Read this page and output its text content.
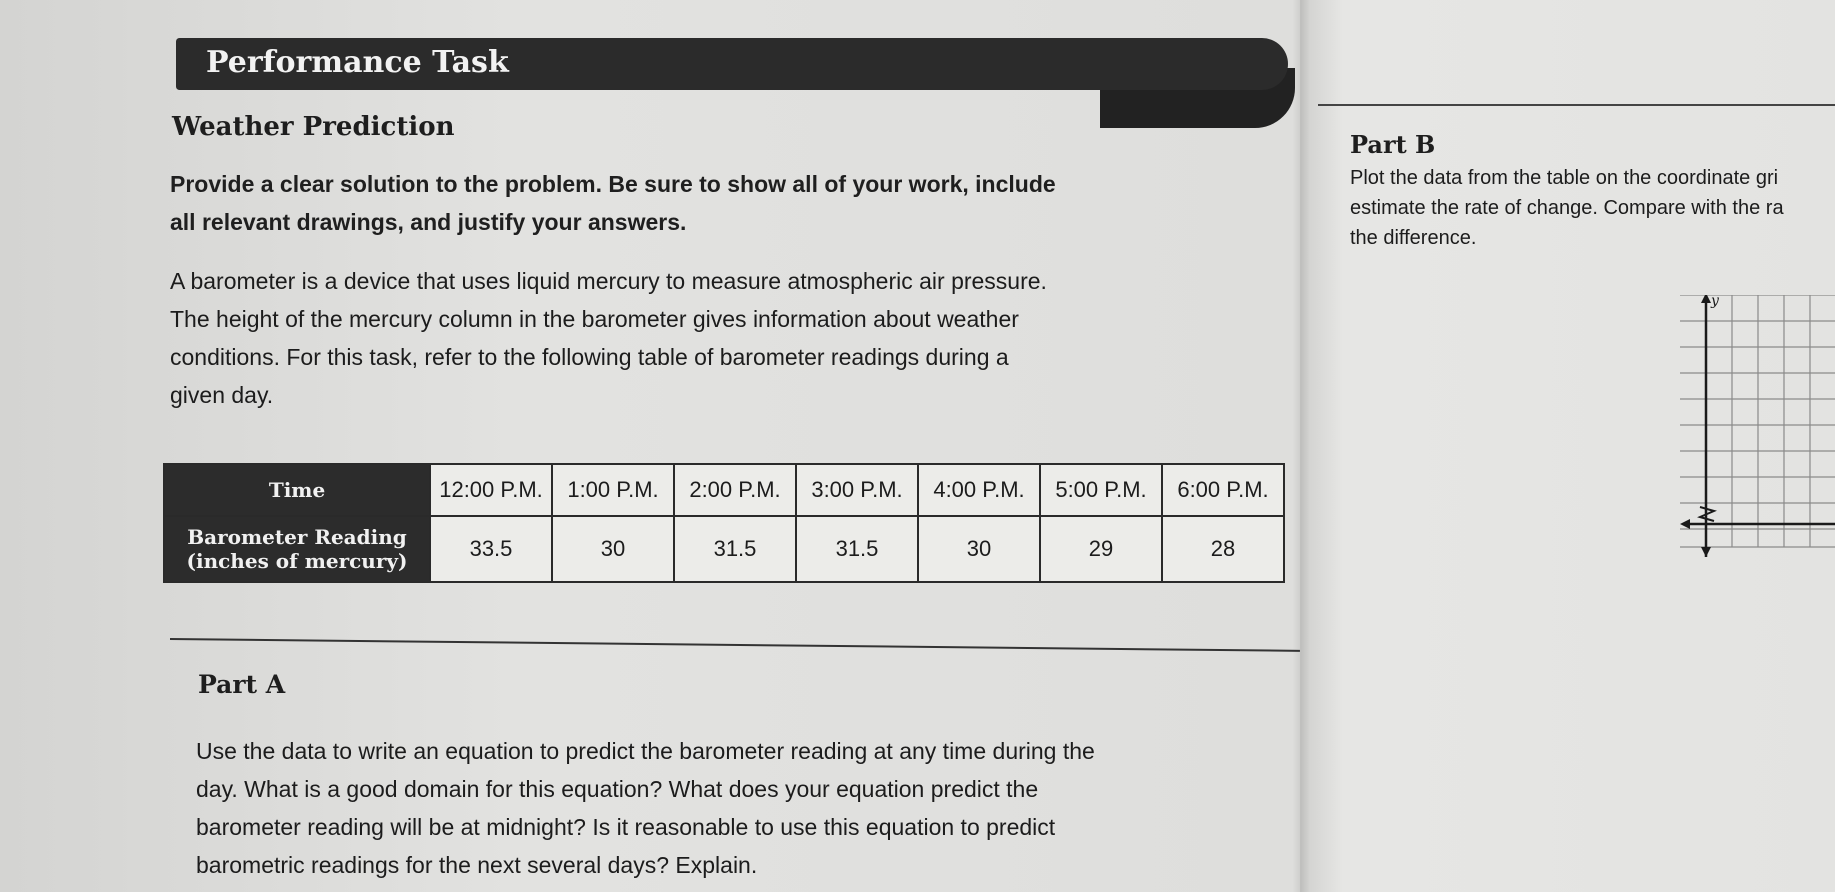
Performance Task
Weather Prediction
Provide a clear solution to the problem. Be sure to show all of your work, include all relevant drawings, and justify your answers.
A barometer is a device that uses liquid mercury to measure atmospheric air pressure. The height of the mercury column in the barometer gives information about weather conditions. For this task, refer to the following table of barometer readings during a given day.
Time	12:00 P.M.	1:00 P.M.	2:00 P.M.	3:00 P.M.	4:00 P.M.	5:00 P.M.	6:00 P.M.
Barometer Reading (inches of mercury)	33.5	30	31.5	31.5	30	29	28
Part A
Use the data to write an equation to predict the barometer reading at any time during the day. What is a good domain for this equation? What does your equation predict the barometer reading will be at midnight? Is it reasonable to use this equation to predict barometric readings for the next several days? Explain.
Part B
Plot the data from the table on the coordinate gri
estimate the rate of change. Compare with the ra
the difference.
y
